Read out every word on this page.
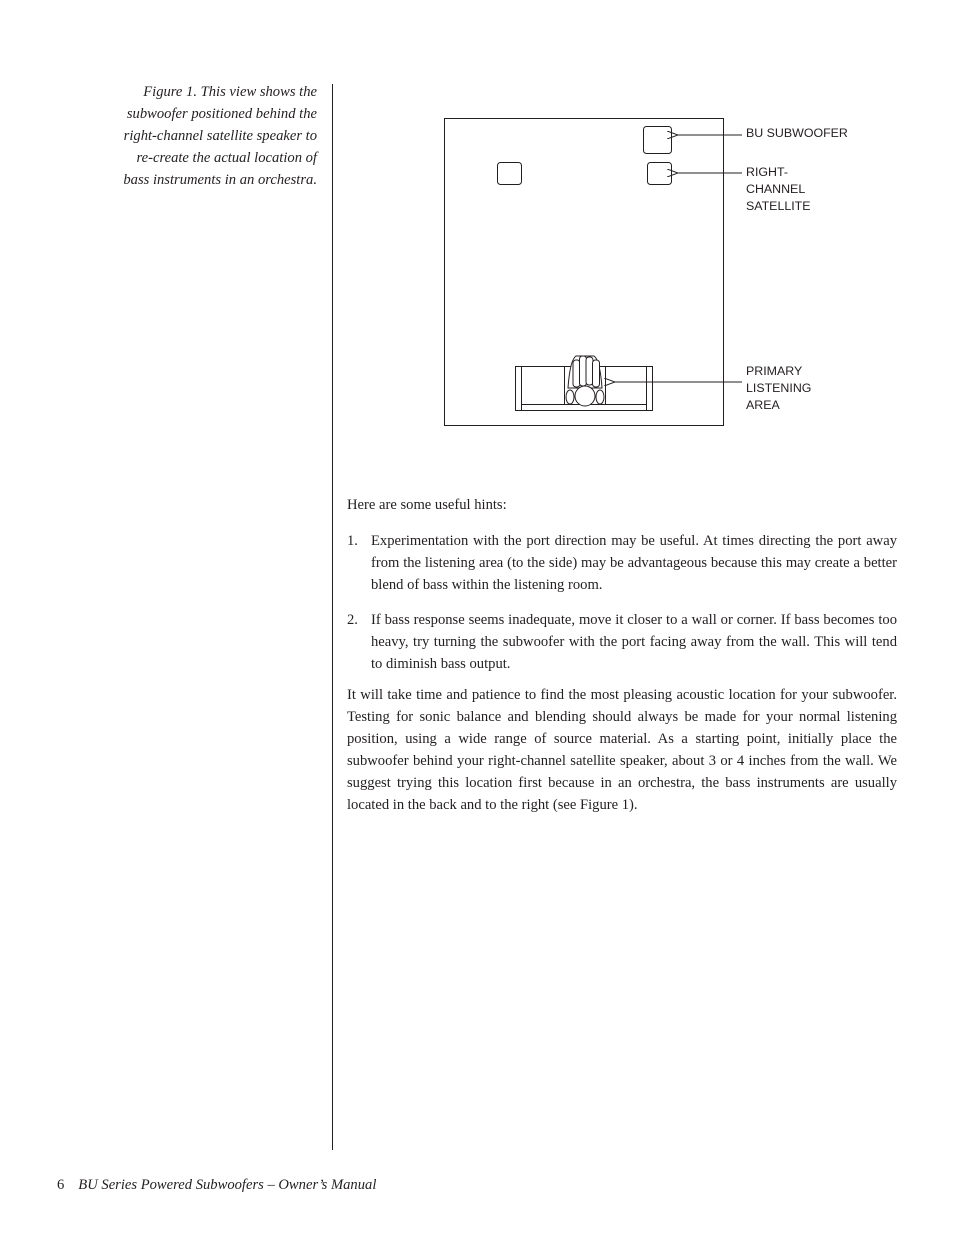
Figure 1. This view shows the
subwoofer positioned behind the
right-channel satellite speaker to
re-create the actual location of
bass instruments in an orchestra.
BU SUBWOOFER
RIGHT-
CHANNEL
SATELLITE
PRIMARY
LISTENING
AREA
Here are some useful hints:
1. Experimentation with the port direction may be useful. At times directing the port away from the listening area (to the side) may be advantageous because this may create a better blend of bass within the listening room.
2. If bass response seems inadequate, move it closer to a wall or corner. If bass becomes too heavy, try turning the subwoofer with the port facing away from the wall. This will tend to diminish bass output.
It will take time and patience to find the most pleasing acoustic location for your subwoofer. Testing for sonic balance and blending should always be made for your normal listening position, using a wide range of source material. As a starting point, initially place the subwoofer behind your right-channel satellite speaker, about 3 or 4 inches from the wall. We suggest trying this location first because in an orchestra, the bass instruments are usually located in the back and to the right (see Figure 1).
6 BU Series Powered Subwoofers – Owner’s Manual
